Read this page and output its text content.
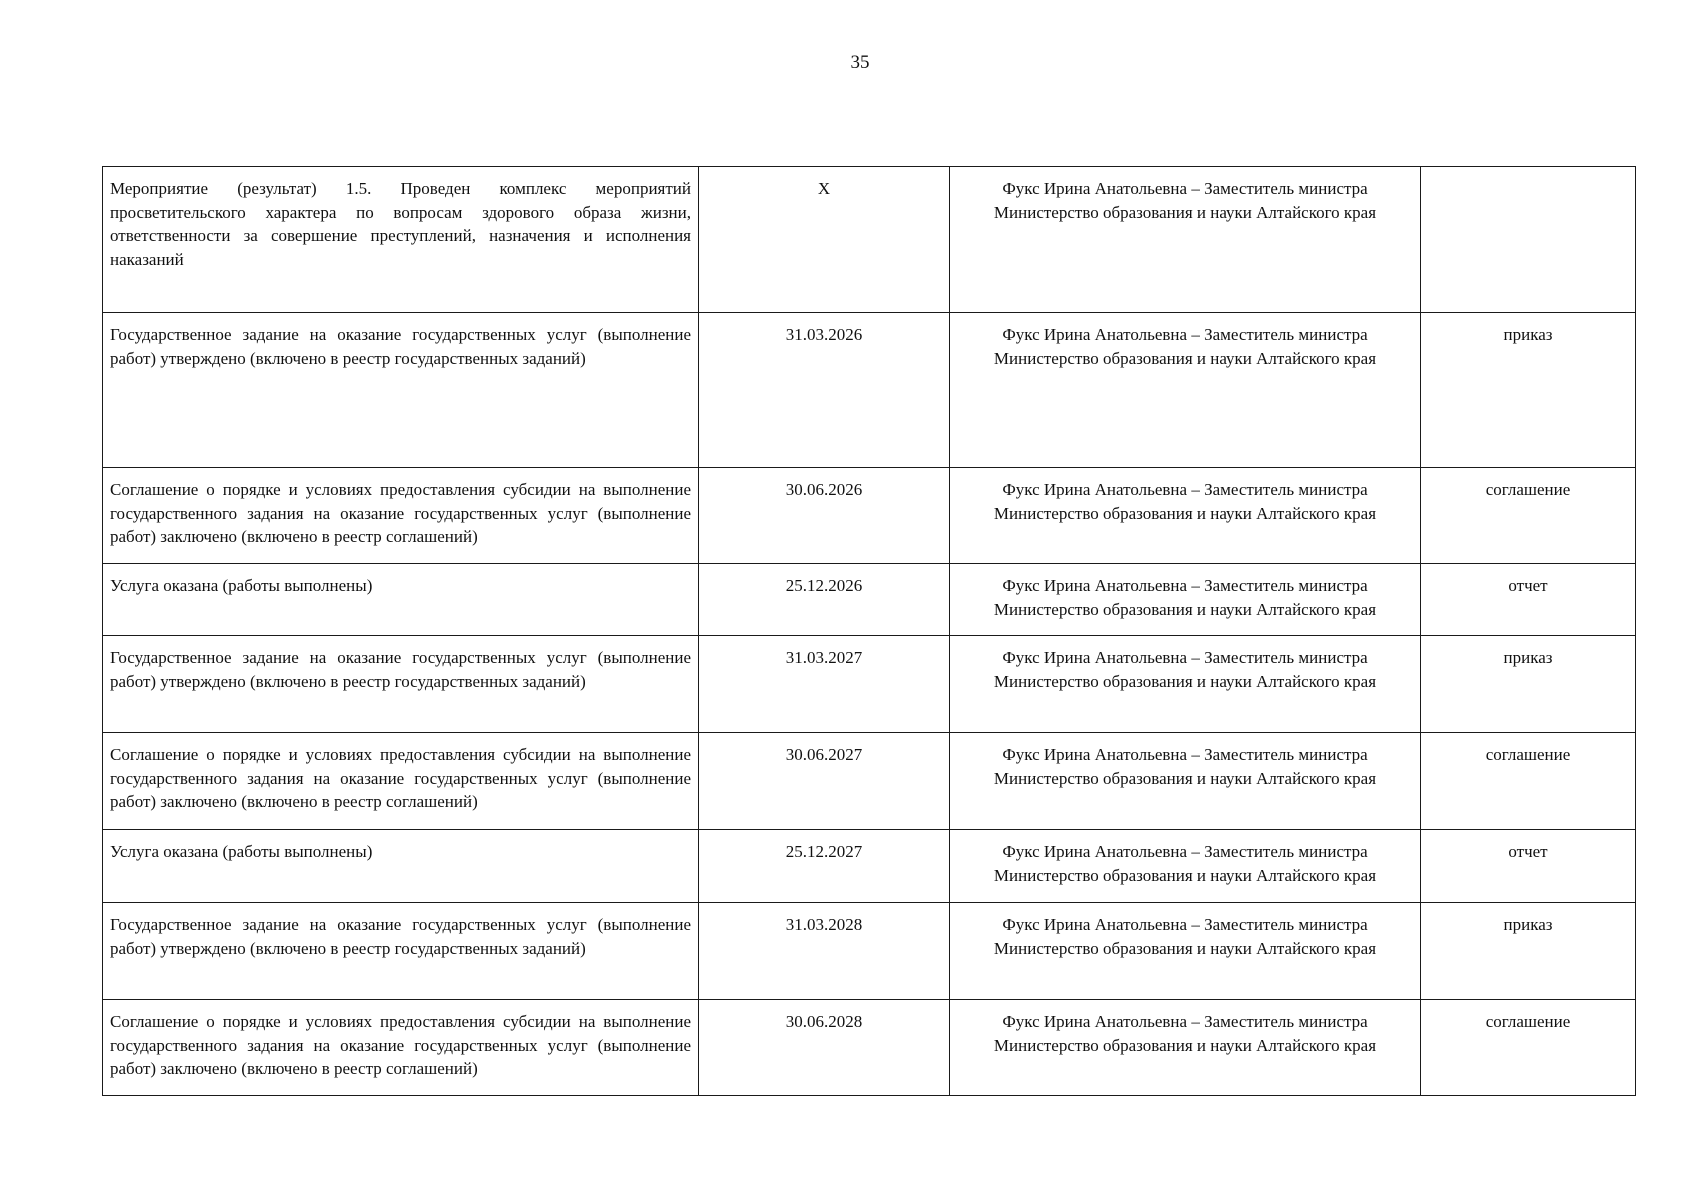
35
Мероприятие (результат) 1.5. Проведен комплекс мероприятий просветительского характера по вопросам здорового образа жизни, ответственности за совершение преступлений, назначения и исполнения наказаний	X	Фукс Ирина Анатольевна – Заместитель министра
Министерство образования и науки Алтайского края	

Государственное задание на оказание государственных услуг (выполнение работ) утверждено (включено в реестр государственных заданий)	31.03.2026	Фукс Ирина Анатольевна – Заместитель министра
Министерство образования и науки Алтайского края	приказ
Соглашение о порядке и условиях предоставления субсидии на выполнение государственного задания на оказание государственных услуг (выполнение работ) заключено (включено в реестр соглашений)	30.06.2026	Фукс Ирина Анатольевна – Заместитель министра
Министерство образования и науки Алтайского края	соглашение
Услуга оказана (работы выполнены)	25.12.2026	Фукс Ирина Анатольевна – Заместитель министра
Министерство образования и науки Алтайского края	отчет
Государственное задание на оказание государственных услуг (выполнение работ) утверждено (включено в реестр государственных заданий)	31.03.2027	Фукс Ирина Анатольевна – Заместитель министра
Министерство образования и науки Алтайского края	приказ
Соглашение о порядке и условиях предоставления субсидии на выполнение государственного задания на оказание государственных услуг (выполнение работ) заключено (включено в реестр соглашений)	30.06.2027	Фукс Ирина Анатольевна – Заместитель министра
Министерство образования и науки Алтайского края	соглашение
Услуга оказана (работы выполнены)	25.12.2027	Фукс Ирина Анатольевна – Заместитель министра
Министерство образования и науки Алтайского края	отчет
Государственное задание на оказание государственных услуг (выполнение работ) утверждено (включено в реестр государственных заданий)	31.03.2028	Фукс Ирина Анатольевна – Заместитель министра
Министерство образования и науки Алтайского края	приказ
Соглашение о порядке и условиях предоставления субсидии на выполнение государственного задания на оказание государственных услуг (выполнение работ) заключено (включено в реестр соглашений)	30.06.2028	Фукс Ирина Анатольевна – Заместитель министра
Министерство образования и науки Алтайского края	соглашение
